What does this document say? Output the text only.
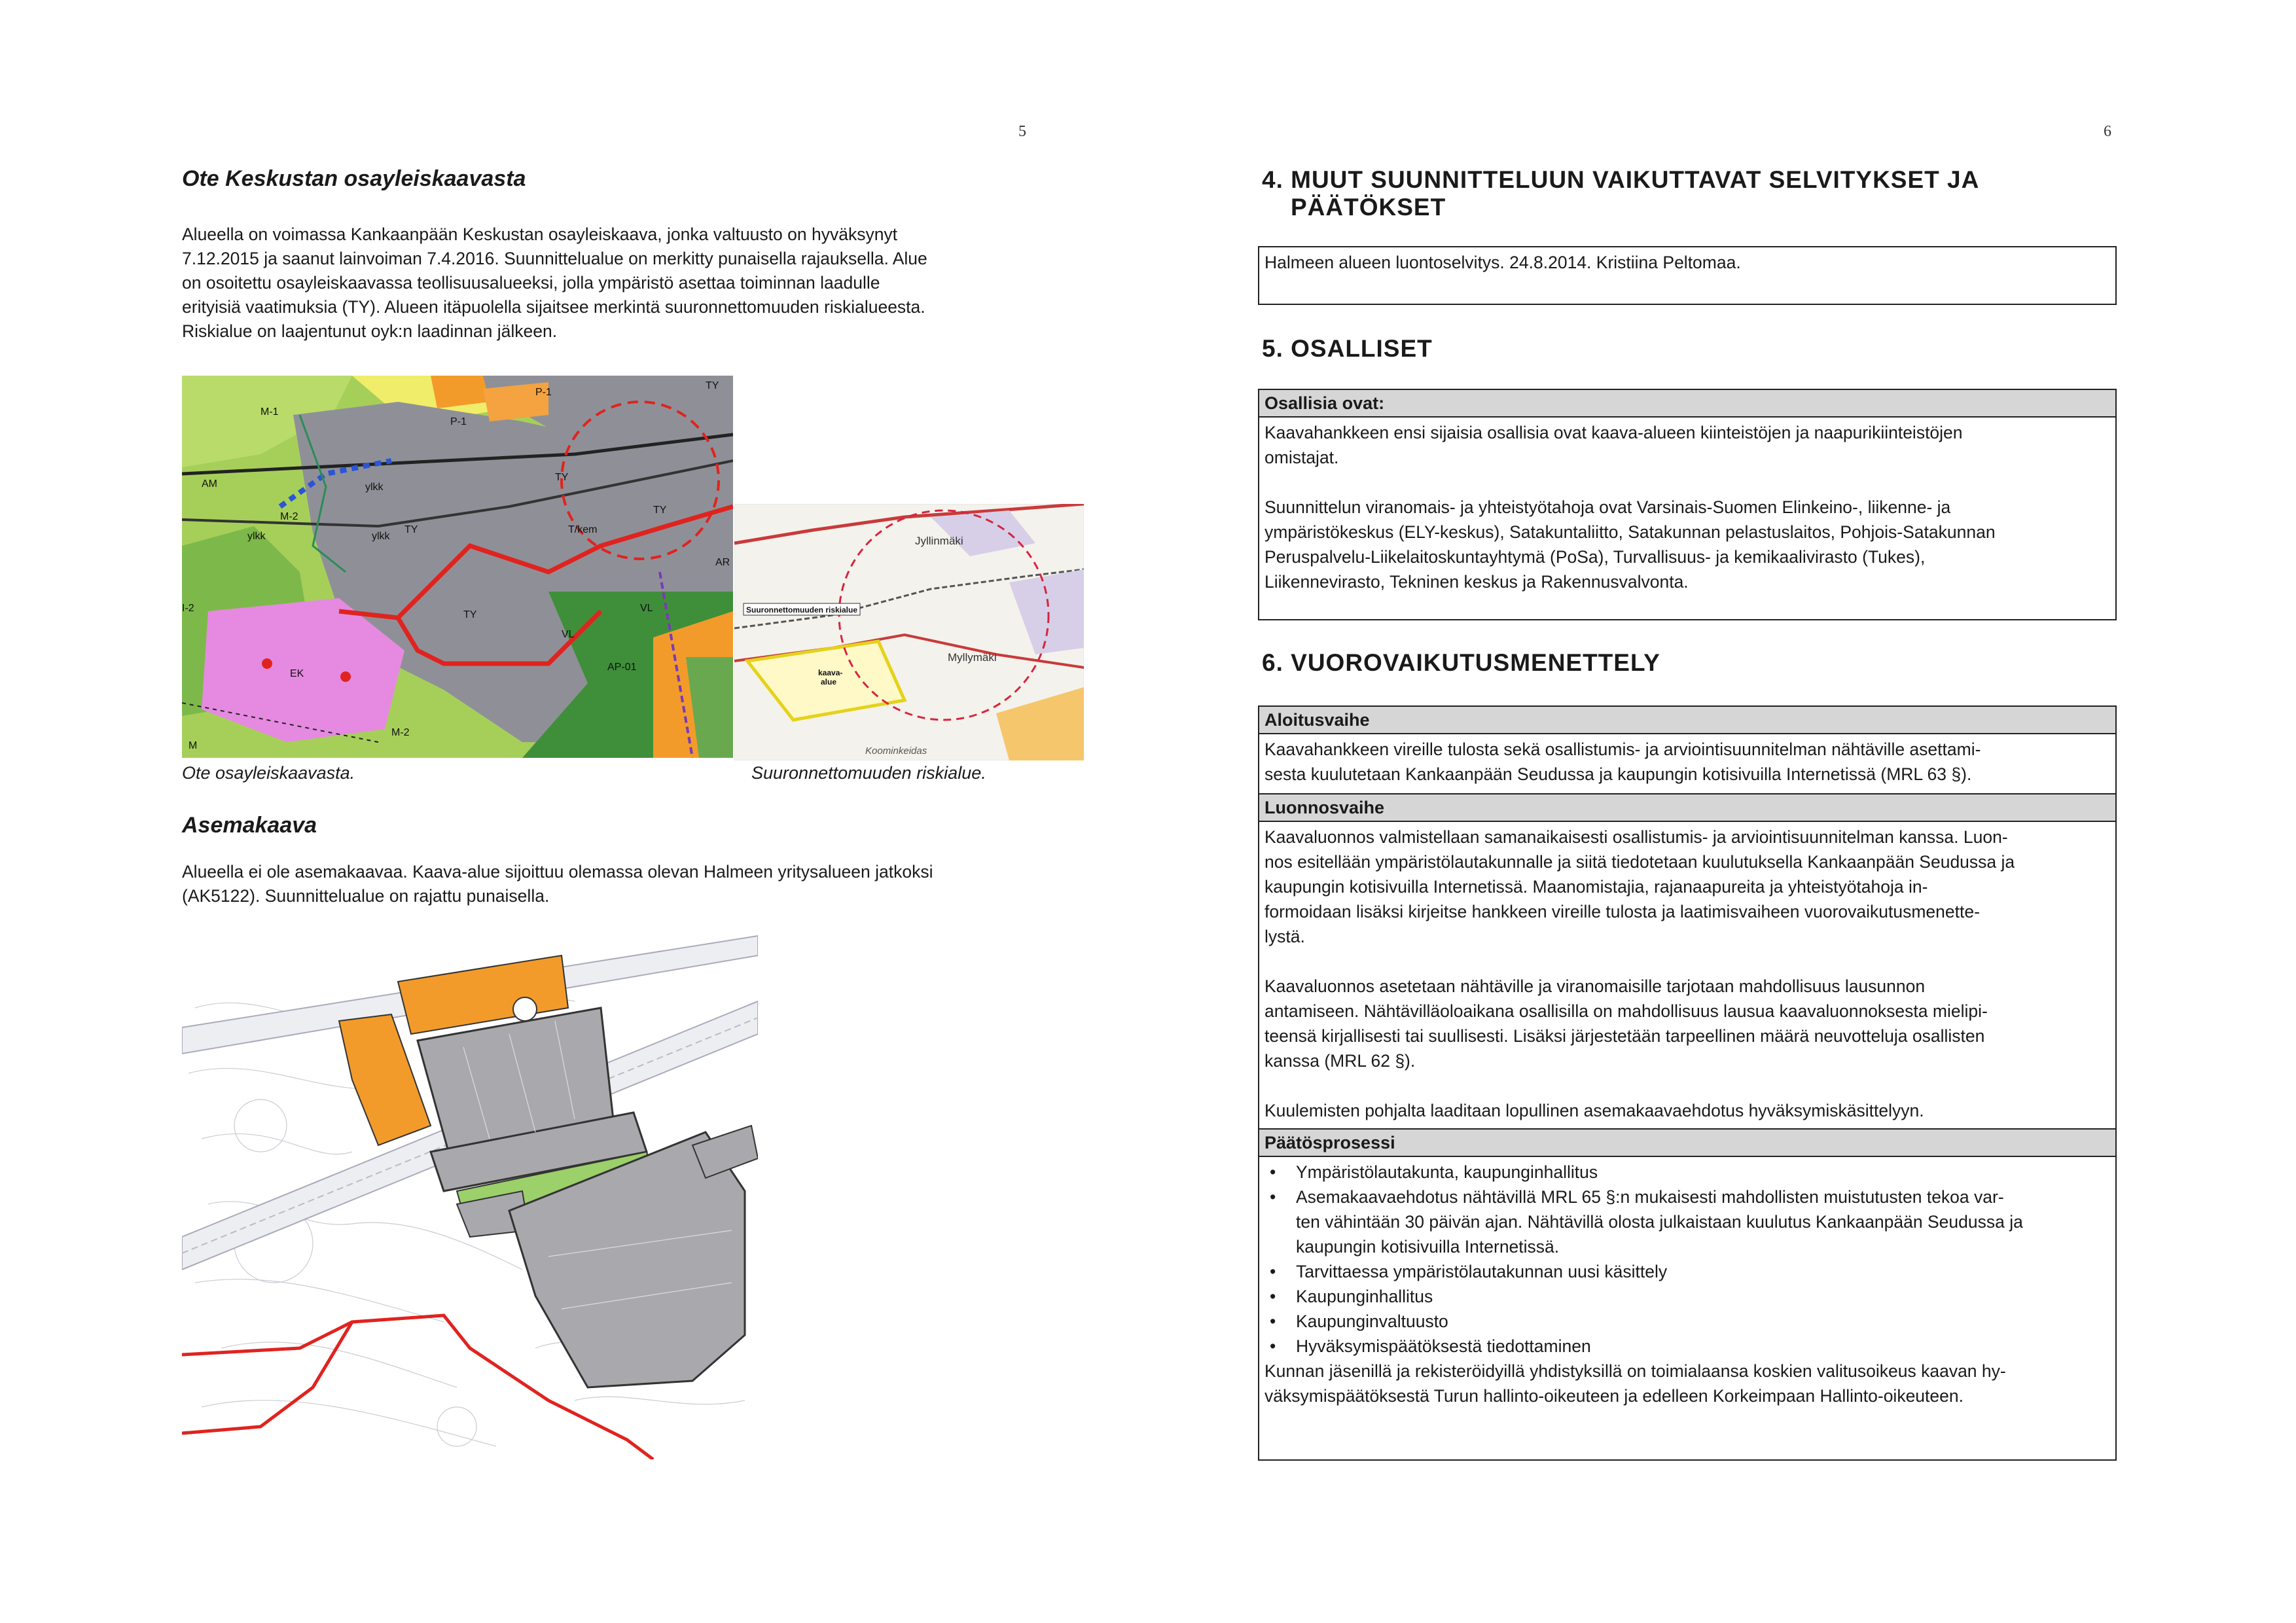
5
Ote Keskustan osayleiskaavasta
Alueella on voimassa Kankaanpään Keskustan osayleiskaava, jonka valtuusto on hyväksynyt
7.12.2015 ja saanut lainvoiman 7.4.2016. Suunnittelualue on merkitty punaisella rajauksella. Alue
on osoitettu osayleiskaavassa teollisuusalueeksi, jolla ympäristö asettaa toiminnan laadulle
erityisiä vaatimuksia (TY). Alueen itäpuolella sijaitsee merkintä suuronnettomuuden riskialueesta.
Riskialue on laajentunut oyk:n laadinnan jälkeen.
M-1
AM
M-2
TY
TY
TY
TY
TY
ylkk
ylkk
ylkk
T/kem
VL
VL
P-1
P-1
EK
M-2
M
AP-01
AR
I-2	Suuronnettomuuden riskialue
Jyllinmäki
Myllymäki
kaava-
alue
Koominkeidas
Ote osayleiskaavasta.	Suuronnettomuuden riskialue.
Asemakaava
Alueella ei ole asemakaavaa. Kaava-alue sijoittuu olemassa olevan Halmeen yritysalueen jatkoksi
(AK5122). Suunnittelualue on rajattu punaisella.
6
4. MUUT SUUNNITTELUUN VAIKUTTAVAT SELVITYKSET JA
PÄÄTÖKSET
Halmeen alueen luontoselvitys. 24.8.2014. Kristiina Peltomaa.
5. OSALLISET
Osallisia ovat:

Kaavahankkeen ensi sijaisia osallisia ovat kaava-alueen kiinteistöjen ja naapurikiinteistöjen

omistajat.

Suunnittelun viranomais- ja yhteistyötahoja ovat Varsinais-Suomen Elinkeino-, liikenne- ja

ympäristökeskus (ELY-keskus), Satakuntaliitto, Satakunnan pelastuslaitos, Pohjois-Satakunnan

Peruspalvelu-Liikelaitoskuntayhtymä (PoSa), Turvallisuus- ja kemikaalivirasto (Tukes),

Liikennevirasto, Tekninen keskus ja Rakennusvalvonta.

6. VUOROVAIKUTUSMENETTELY
Aloitusvaihe

Kaavahankkeen vireille tulosta sekä osallistumis- ja arviointisuunnitelman nähtäville asettami-

sesta kuulutetaan Kankaanpään Seudussa ja kaupungin kotisivuilla Internetissä (MRL 63 §).

Luonnosvaihe

Kaavaluonnos valmistellaan samanaikaisesti osallistumis- ja arviointisuunnitelman kanssa. Luon-

nos esitellään ympäristölautakunnalle ja siitä tiedotetaan kuulutuksella Kankaanpään Seudussa ja

kaupungin kotisivuilla Internetissä. Maanomistajia, rajanaapureita ja yhteistyötahoja in-

formoidaan lisäksi kirjeitse hankkeen vireille tulosta ja laatimisvaiheen vuorovaikutusmenette-

lystä.

Kaavaluonnos asetetaan nähtäville ja viranomaisille tarjotaan mahdollisuus lausunnon

antamiseen. Nähtävilläoloaikana osallisilla on mahdollisuus lausua kaavaluonnoksesta mielipi-

teensä kirjallisesti tai suullisesti. Lisäksi järjestetään tarpeellinen määrä neuvotteluja osallisten

kanssa (MRL 62 §).

Kuulemisten pohjalta laaditaan lopullinen asemakaavaehdotus hyväksymiskäsittelyyn.

Päätösprosessi
• Ympäristölautakunta, kaupunginhallitus
• Asemakaavaehdotus nähtävillä MRL 65 §:n mukaisesti mahdollisten muistutusten tekoa var-
ten vähintään 30 päivän ajan. Nähtävillä olosta julkaistaan kuulutus Kankaanpään Seudussa ja
kaupungin kotisivuilla Internetissä.
• Tarvittaessa ympäristölautakunnan uusi käsittely
• Kaupunginhallitus
• Kaupunginvaltuusto
• Hyväksymispäätöksestä tiedottaminen

Kunnan jäsenillä ja rekisteröidyillä yhdistyksillä on toimialaansa koskien valitusoikeus kaavan hy-

väksymispäätöksestä Turun hallinto-oikeuteen ja edelleen Korkeimpaan Hallinto-oikeuteen.
